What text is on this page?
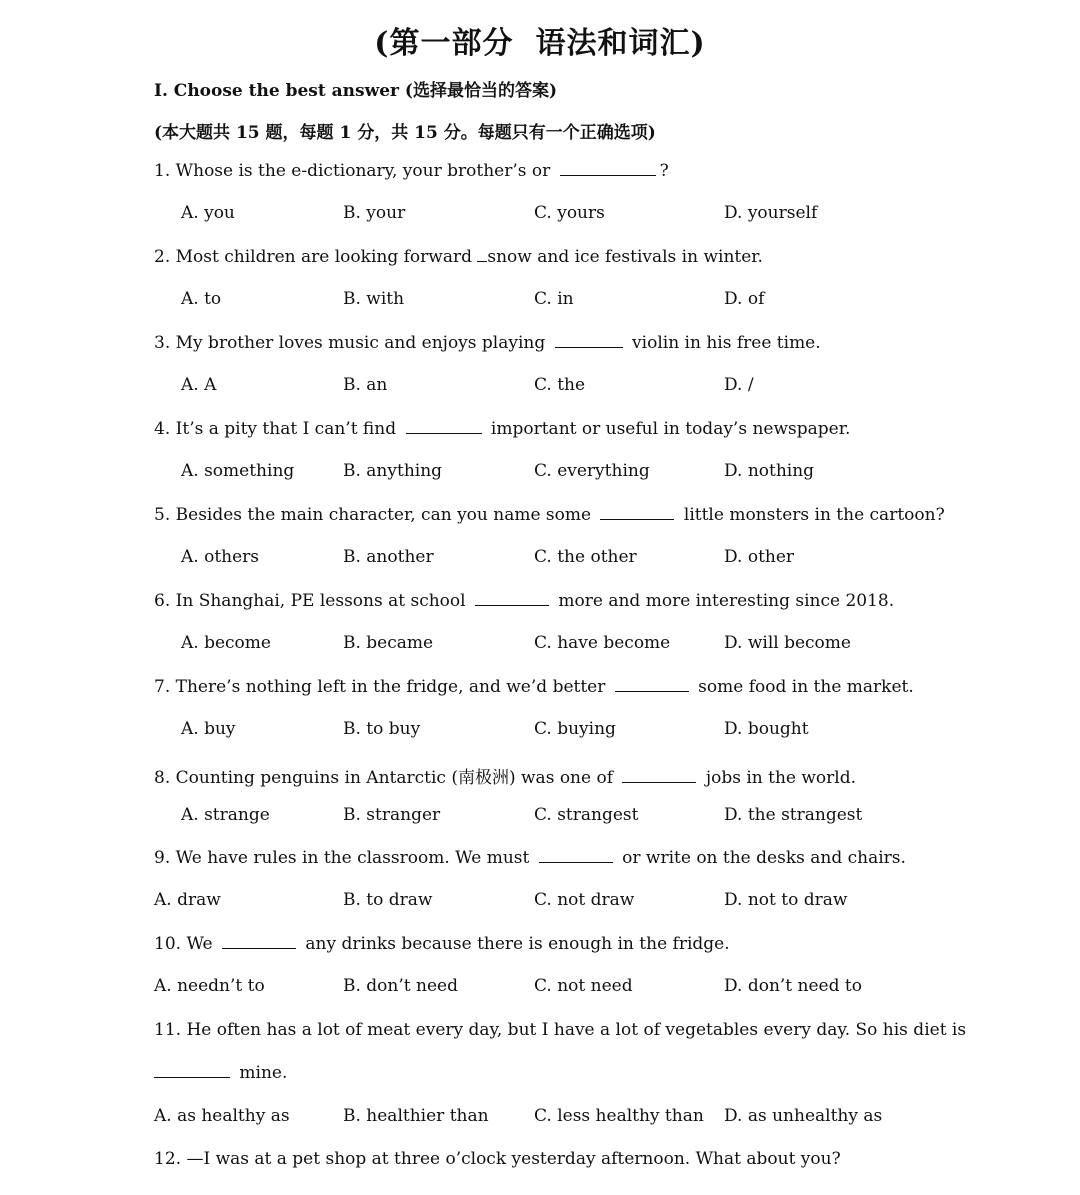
(第一部分 语法和词汇)
I. Choose the best answer (选择最恰当的答案)
(本大题共 15 题，每题 1 分，共 15 分。每题只有一个正确选项)
1. Whose is the e-dictionary, your brother’s or	?
A. you	B. your	C. yours	D. yourself
2. Most children are looking forward snow and ice festivals in winter.
A. to	B. with	C. in	D. of
3. My brother loves music and enjoys playing	violin in his free time.
A. A	B. an	C. the	D. /
4. It’s a pity that I can’t find	important or useful in today’s newspaper.
A. something	B. anything	C. everything	D. nothing
5. Besides the main character, can you name some	little monsters in the cartoon?
A. others	B. another	C. the other	D. other
6. In Shanghai, PE lessons at school	more and more interesting since 2018.
A. become	B. became	C. have become	D. will become
7. There’s nothing left in the fridge, and we’d better	some food in the market.
A. buy	B. to buy	C. buying	D. bought
8. Counting penguins in Antarctic (南极洲) was one of	jobs in the world.
A. strange	B. stranger	C. strangest	D. the strangest
9. We have rules in the classroom. We must	or write on the desks and chairs.
A. draw	B. to draw	C. not draw	D. not to draw
10. We	any drinks because there is enough in the fridge.
A. needn’t to	B. don’t need	C. not need	D. don’t need to
11. He often has a lot of meat every day, but I have a lot of vegetables every day. So his diet is
mine.
A. as healthy as	B. healthier than	C. less healthy than D. as unhealthy as
12. —I was at a pet shop at three o’clock yesterday afternoon. What about you?
